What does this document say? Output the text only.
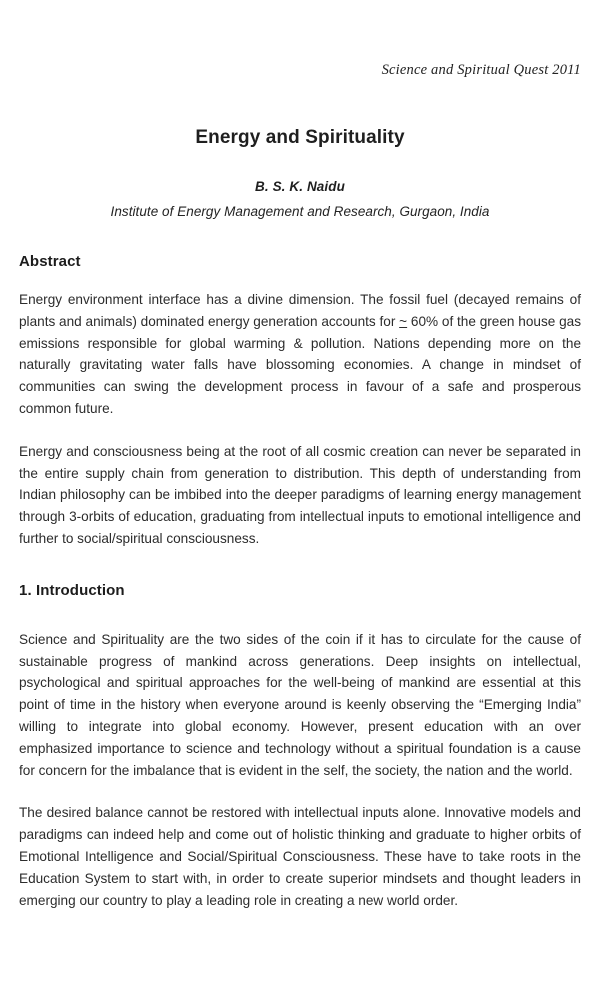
Science and Spiritual Quest 2011
Energy and Spirituality
B. S. K. Naidu
Institute of Energy Management and Research, Gurgaon, India
Abstract

Energy environment interface has a divine dimension. The fossil fuel (decayed remains of plants and animals) dominated energy generation accounts for ~ 60% of the green house gas emissions responsible for global warming & pollution. Nations depending more on the naturally gravitating water falls have blossoming economies. A change in mindset of communities can swing the development process in favour of a safe and prosperous common future.

Energy and consciousness being at the root of all cosmic creation can never be separated in the entire supply chain from generation to distribution. This depth of understanding from Indian philosophy can be imbibed into the deeper paradigms of learning energy management through 3-orbits of education, graduating from intellectual inputs to emotional intelligence and further to social/spiritual consciousness.

1. Introduction

Science and Spirituality are the two sides of the coin if it has to circulate for the cause of sustainable progress of mankind across generations. Deep insights on intellectual, psychological and spiritual approaches for the well-being of mankind are essential at this point of time in the history when everyone around is keenly observing the “Emerging India” willing to integrate into global economy. However, present education with an over emphasized importance to science and technology without a spiritual foundation is a cause for concern for the imbalance that is evident in the self, the society, the nation and the world.

The desired balance cannot be restored with intellectual inputs alone. Innovative models and paradigms can indeed help and come out of holistic thinking and graduate to higher orbits of Emotional Intelligence and Social/Spiritual Consciousness. These have to take roots in the Education System to start with, in order to create superior mindsets and thought leaders in emerging our country to play a leading role in creating a new world order.
